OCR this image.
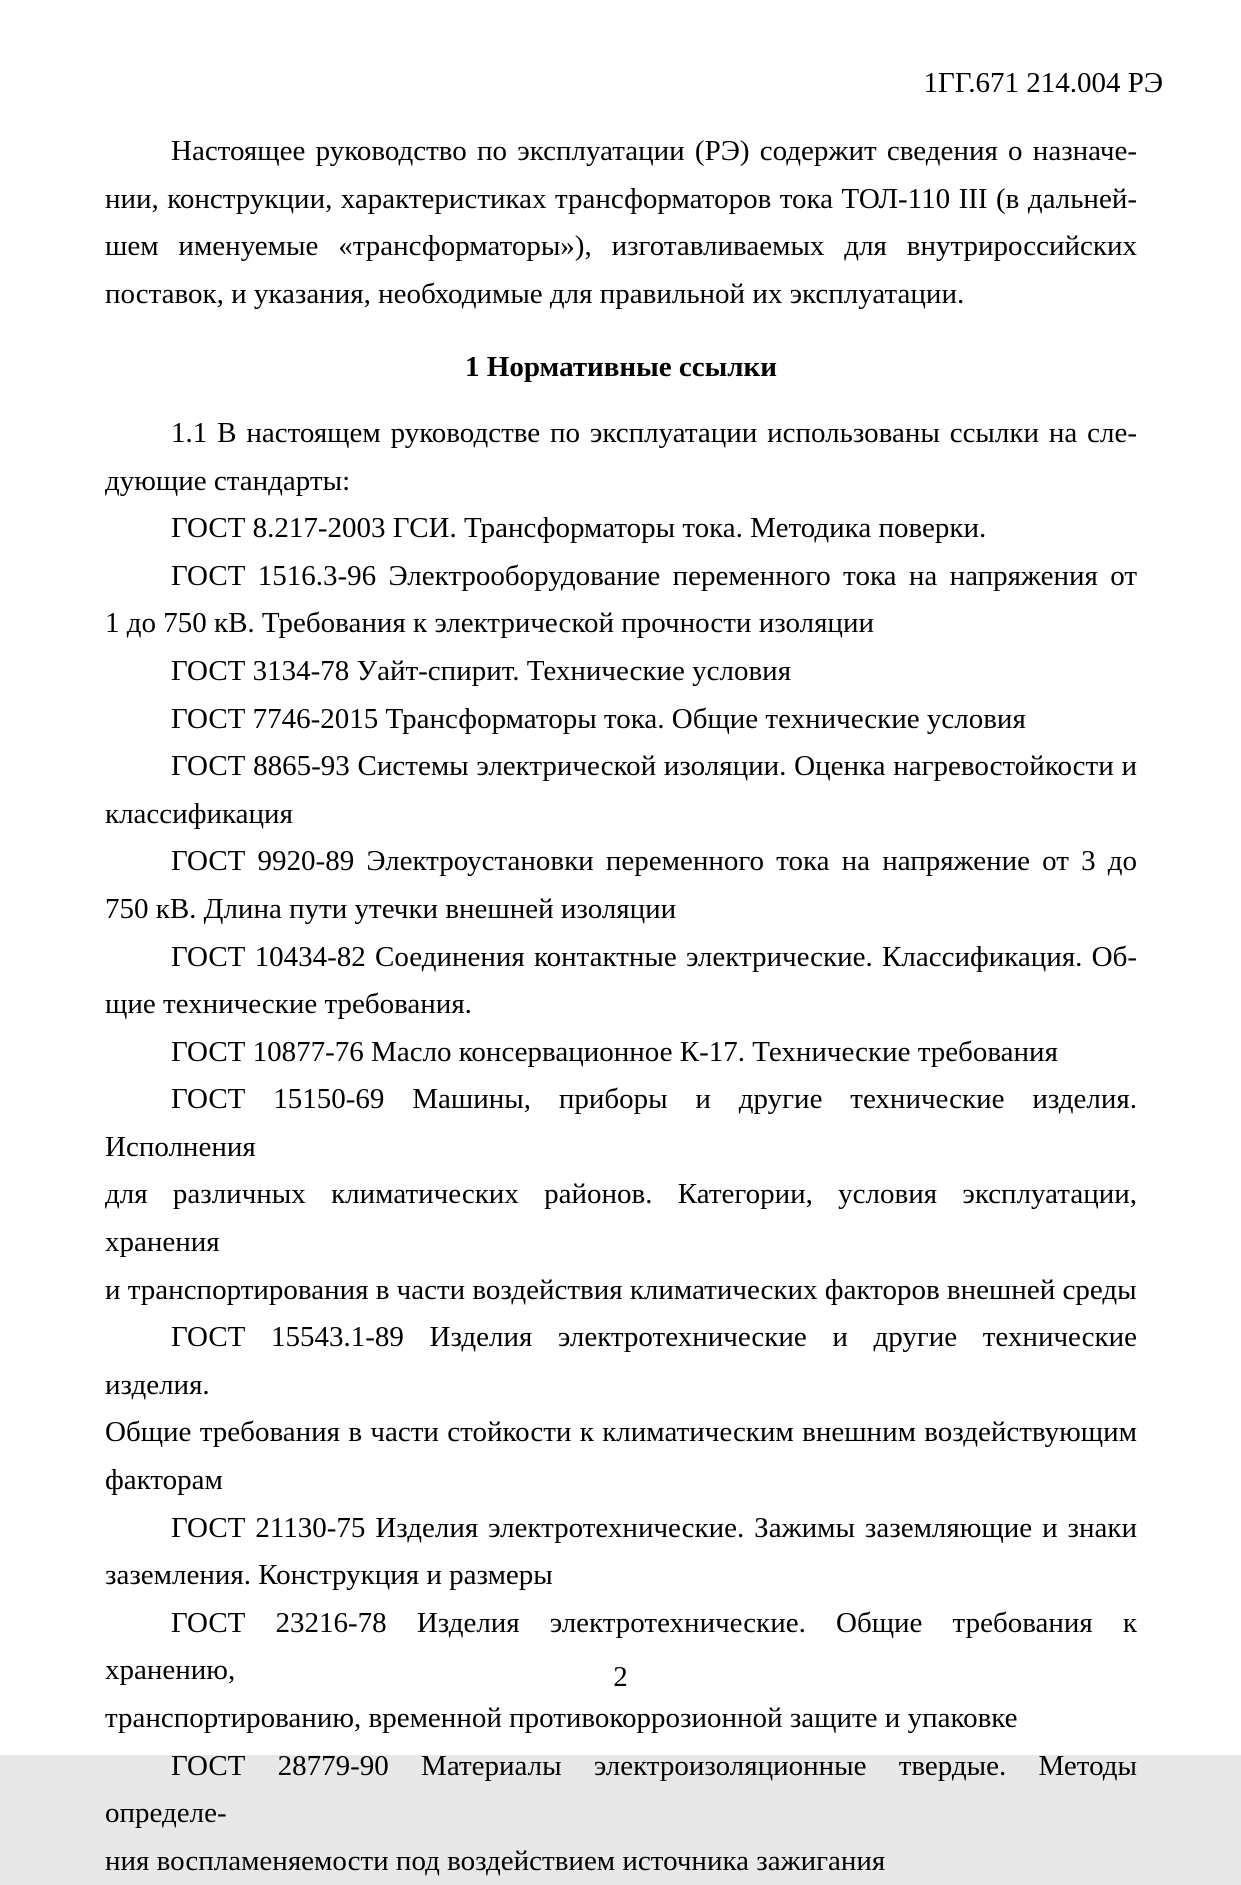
1ГГ.671 214.004 РЭ
Настоящее руководство по эксплуатации (РЭ) содержит сведения о назначе-
нии, конструкции, характеристиках трансформаторов тока ТОЛ-110 III (в дальней-
шем именуемые «трансформаторы»), изготавливаемых для внутрироссийских
поставок, и указания, необходимые для правильной их эксплуатации.
1 Нормативные ссылки
1.1 В настоящем руководстве по эксплуатации использованы ссылки на сле-
дующие стандарты:
ГОСТ 8.217-2003 ГСИ. Трансформаторы тока. Методика поверки.
ГОСТ 1516.3-96 Электрооборудование переменного тока на напряжения от
1 до 750 кВ. Требования к электрической прочности изоляции
ГОСТ 3134-78 Уайт-спирит. Технические условия
ГОСТ 7746-2015 Трансформаторы тока. Общие технические условия
ГОСТ 8865-93 Системы электрической изоляции. Оценка нагревостойкости и
классификация
ГОСТ 9920-89 Электроустановки переменного тока на напряжение от 3 до
750 кВ. Длина пути утечки внешней изоляции
ГОСТ 10434-82 Соединения контактные электрические. Классификация. Об-
щие технические требования.
ГОСТ 10877-76 Масло консервационное К-17. Технические требования
ГОСТ 15150-69 Машины, приборы и другие технические изделия. Исполнения
для различных климатических районов. Категории, условия эксплуатации, хранения
и транспортирования в части воздействия климатических факторов внешней среды
ГОСТ 15543.1-89 Изделия электротехнические и другие технические изделия.
Общие требования в части стойкости к климатическим внешним воздействующим
факторам
ГОСТ 21130-75 Изделия электротехнические. Зажимы заземляющие и знаки
заземления. Конструкция и размеры
ГОСТ 23216-78 Изделия электротехнические. Общие требования к хранению,
транспортированию, временной противокоррозионной защите и упаковке
ГОСТ 28779-90 Материалы электроизоляционные твердые. Методы определе-
ния воспламеняемости под воздействием источника зажигания
2
